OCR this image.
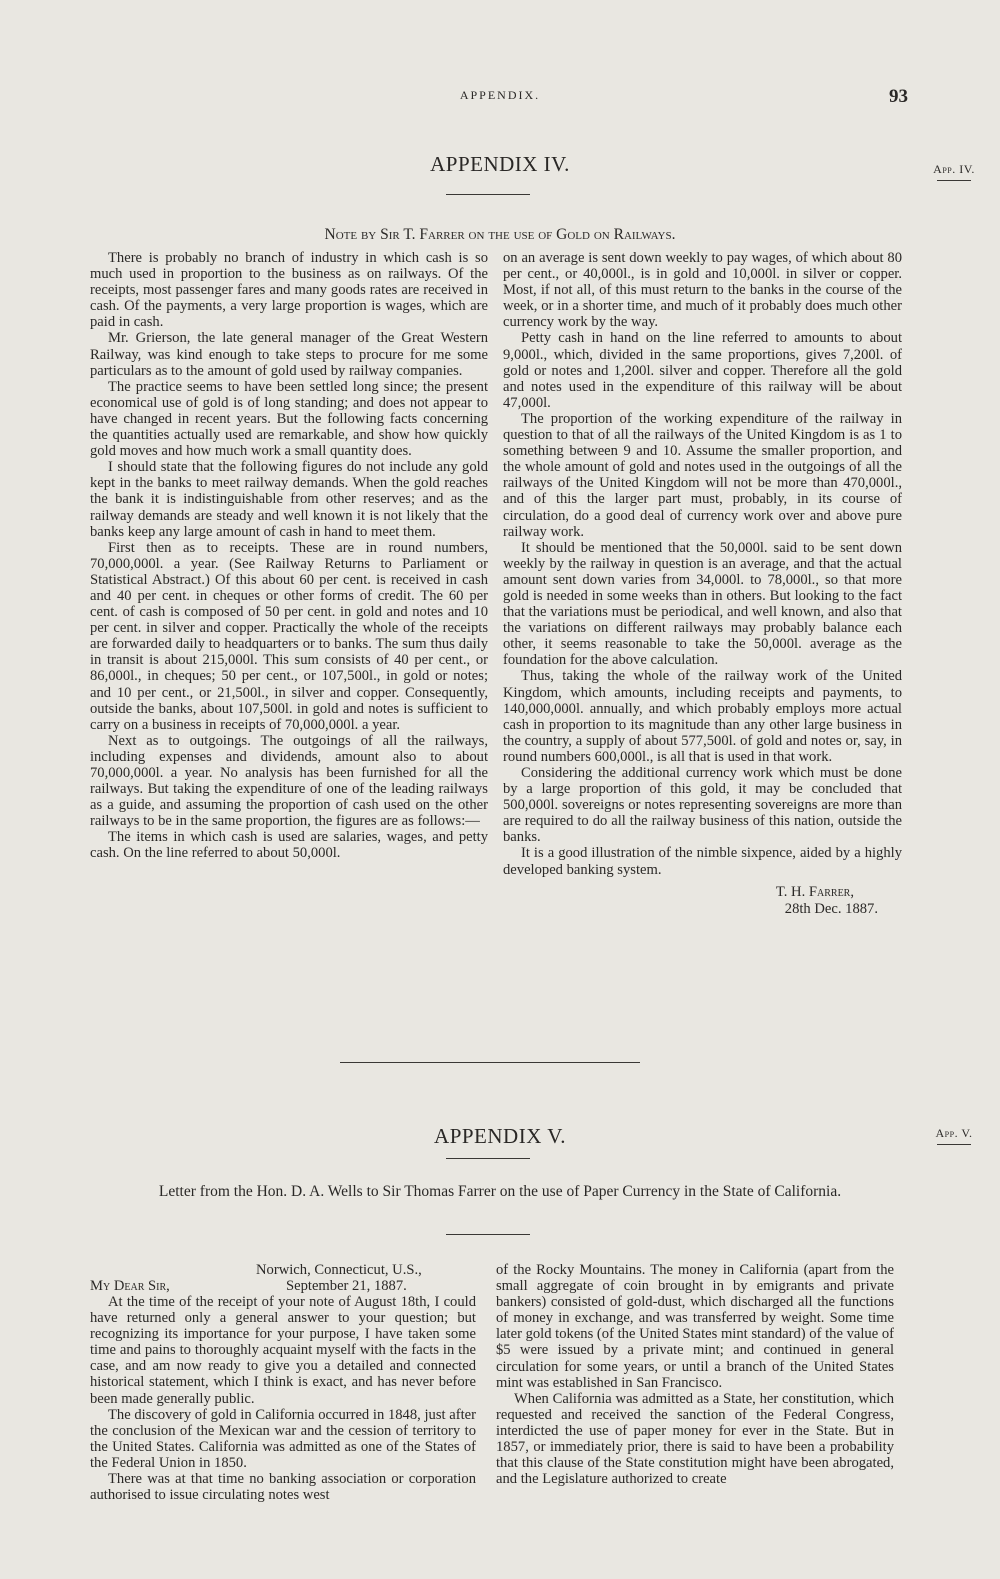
APPENDIX.	93
APPENDIX IV.	App. IV.
Note by Sir T. Farrer on the use of Gold on Railways.

There is probably no branch of industry in which cash is so much used in proportion to the business as on railways. Of the receipts, most passenger fares and many goods rates are received in cash. Of the payments, a very large proportion is wages, which are paid in cash.

Mr. Grierson, the late general manager of the Great Western Railway, was kind enough to take steps to procure for me some particulars as to the amount of gold used by railway companies.

The practice seems to have been settled long since; the present economical use of gold is of long standing; and does not appear to have changed in recent years. But the following facts concerning the quantities actually used are remarkable, and show how quickly gold moves and how much work a small quantity does.

I should state that the following figures do not include any gold kept in the banks to meet railway demands. When the gold reaches the bank it is indistinguishable from other reserves; and as the railway demands are steady and well known it is not likely that the banks keep any large amount of cash in hand to meet them.

First then as to receipts. These are in round numbers, 70,000,000l. a year. (See Railway Returns to Parliament or Statistical Abstract.) Of this about 60 per cent. is received in cash and 40 per cent. in cheques or other forms of credit. The 60 per cent. of cash is composed of 50 per cent. in gold and notes and 10 per cent. in silver and copper. Practically the whole of the receipts are forwarded daily to headquarters or to banks. The sum thus daily in transit is about 215,000l. This sum consists of 40 per cent., or 86,000l., in cheques; 50 per cent., or 107,500l., in gold or notes; and 10 per cent., or 21,500l., in silver and copper. Consequently, outside the banks, about 107,500l. in gold and notes is sufficient to carry on a business in receipts of 70,000,000l. a year.

Next as to outgoings. The outgoings of all the railways, including expenses and dividends, amount also to about 70,000,000l. a year. No analysis has been furnished for all the railways. But taking the expenditure of one of the leading railways as a guide, and assuming the proportion of cash used on the other railways to be in the same proportion, the figures are as follows:—

The items in which cash is used are salaries, wages, and petty cash. On the line referred to about 50,000l.

on an average is sent down weekly to pay wages, of which about 80 per cent., or 40,000l., is in gold and 10,000l. in silver or copper. Most, if not all, of this must return to the banks in the course of the week, or in a shorter time, and much of it probably does much other currency work by the way.

Petty cash in hand on the line referred to amounts to about 9,000l., which, divided in the same proportions, gives 7,200l. of gold or notes and 1,200l. silver and copper. Therefore all the gold and notes used in the expenditure of this railway will be about 47,000l.

The proportion of the working expenditure of the railway in question to that of all the railways of the United Kingdom is as 1 to something between 9 and 10. Assume the smaller proportion, and the whole amount of gold and notes used in the outgoings of all the railways of the United Kingdom will not be more than 470,000l., and of this the larger part must, probably, in its course of circulation, do a good deal of currency work over and above pure railway work.

It should be mentioned that the 50,000l. said to be sent down weekly by the railway in question is an average, and that the actual amount sent down varies from 34,000l. to 78,000l., so that more gold is needed in some weeks than in others. But looking to the fact that the variations must be periodical, and well known, and also that the variations on different railways may probably balance each other, it seems reasonable to take the 50,000l. average as the foundation for the above calculation.

Thus, taking the whole of the railway work of the United Kingdom, which amounts, including receipts and payments, to 140,000,000l. annually, and which probably employs more actual cash in proportion to its magnitude than any other large business in the country, a supply of about 577,500l. of gold and notes or, say, in round numbers 600,000l., is all that is used in that work.

Considering the additional currency work which must be done by a large proportion of this gold, it may be concluded that 500,000l. sovereigns or notes representing sovereigns are more than are required to do all the railway business of this nation, outside the banks.

It is a good illustration of the nimble sixpence, aided by a highly developed banking system.

T. H. Farrer,
28th Dec. 1887.
APPENDIX V.	App. V.
Letter from the Hon. D. A. Wells to Sir Thomas Farrer on the use of Paper Currency in the State of California.
Norwich, Connecticut, U.S.,
My Dear Sir,	September 21, 1887.

At the time of the receipt of your note of August 18th, I could have returned only a general answer to your question; but recognizing its importance for your purpose, I have taken some time and pains to thoroughly acquaint myself with the facts in the case, and am now ready to give you a detailed and connected historical statement, which I think is exact, and has never before been made generally public.

The discovery of gold in California occurred in 1848, just after the conclusion of the Mexican war and the cession of territory to the United States. California was admitted as one of the States of the Federal Union in 1850.

There was at that time no banking association or corporation authorised to issue circulating notes west

of the Rocky Mountains. The money in California (apart from the small aggregate of coin brought in by emigrants and private bankers) consisted of gold-dust, which discharged all the functions of money in exchange, and was transferred by weight. Some time later gold tokens (of the United States mint standard) of the value of $5 were issued by a private mint; and continued in general circulation for some years, or until a branch of the United States mint was established in San Francisco.

When California was admitted as a State, her constitution, which requested and received the sanction of the Federal Congress, interdicted the use of paper money for ever in the State. But in 1857, or immediately prior, there is said to have been a probability that this clause of the State constitution might have been abrogated, and the Legislature authorized to create
